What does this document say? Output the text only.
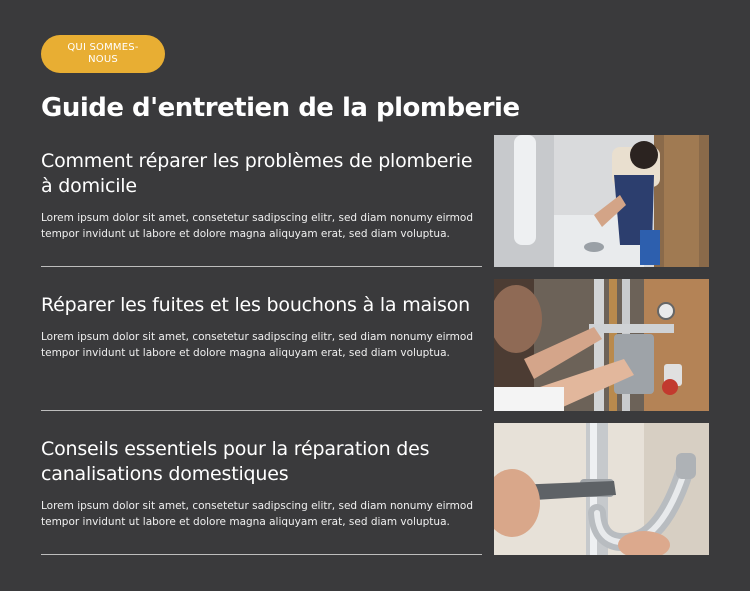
QUI SOMMES-NOUS
Guide d'entretien de la plomberie
Comment réparer les problèmes de plomberie à domicile

Lorem ipsum dolor sit amet, consetetur sadipscing elitr, sed diam nonumy eirmod tempor invidunt ut labore et dolore magna aliquyam erat, sed diam voluptua.

Réparer les fuites et les bouchons à la maison

Lorem ipsum dolor sit amet, consetetur sadipscing elitr, sed diam nonumy eirmod tempor invidunt ut labore et dolore magna aliquyam erat, sed diam voluptua.

Conseils essentiels pour la réparation des canalisations domestiques

Lorem ipsum dolor sit amet, consetetur sadipscing elitr, sed diam nonumy eirmod tempor invidunt ut labore et dolore magna aliquyam erat, sed diam voluptua.
